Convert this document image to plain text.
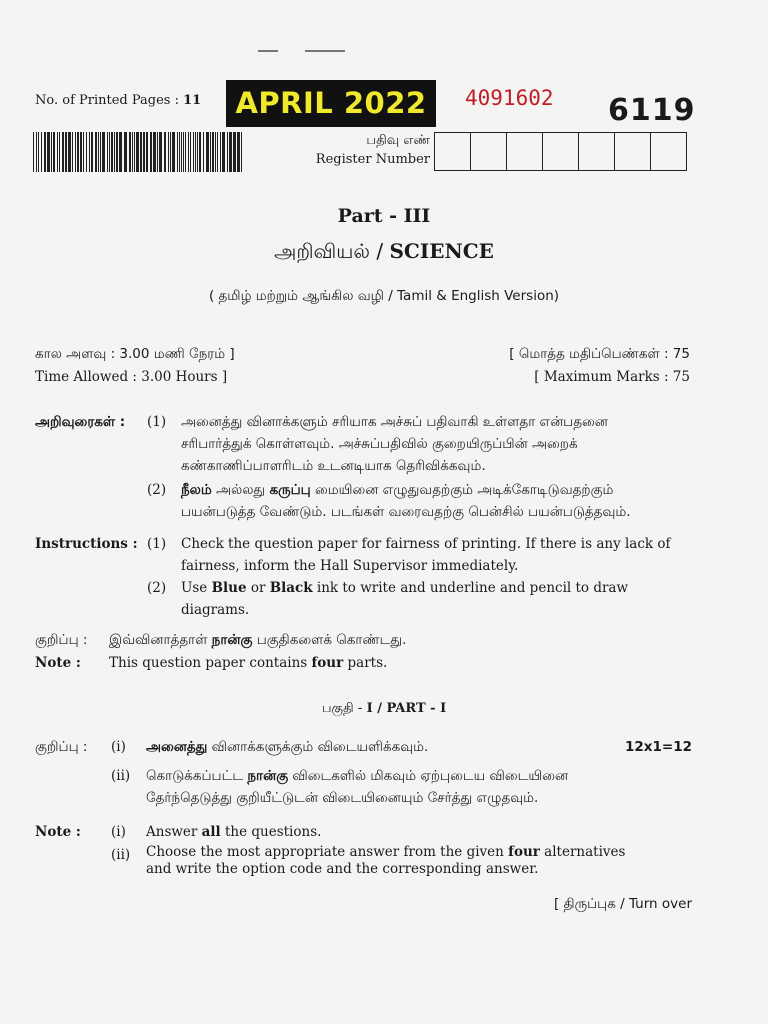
No. of Printed Pages : 11	APRIL 2022	4091602 6119
பதிவு எண்
Register Number
Part - III
அறிவியல் / SCIENCE
( தமிழ் மற்றும் ஆங்கில வழி / Tamil & English Version)
கால அளவு : 3.00 மணி நேரம் ]
Time Allowed : 3.00 Hours ]
[ மொத்த மதிப்பெண்கள் : 75
[ Maximum Marks : 75
அறிவுரைகள் : (1) அனைத்து வினாக்களும் சரியாக அச்சுப் பதிவாகி உள்ளதா என்பதனை
சரிபார்த்துக் கொள்ளவும். அச்சுப்பதிவில் குறையிருப்பின் அறைக்
கண்காணிப்பாளரிடம் உடனடியாக தெரிவிக்கவும்.
(2) நீலம் அல்லது கருப்பு மையினை எழுதுவதற்கும் அடிக்கோடிடுவதற்கும்
பயன்படுத்த வேண்டும். படங்கள் வரைவதற்கு பென்சில் பயன்படுத்தவும்.
Instructions : (1) Check the question paper for fairness of printing. If there is any lack of
fairness, inform the Hall Supervisor immediately.
(2) Use Blue or Black ink to write and underline and pencil to draw
diagrams.
குறிப்பு : இவ்வினாத்தாள் நான்கு பகுதிகளைக் கொண்டது.
Note : This question paper contains four parts.
பகுதி - I / PART - I
குறிப்பு : (i) அனைத்து வினாக்களுக்கும் விடையளிக்கவும்.	12x1=12
(ii) கொடுக்கப்பட்ட நான்கு விடைகளில் மிகவும் ஏற்புடைய விடையினை
தேர்ந்தெடுத்து குறியீட்டுடன் விடையினையும் சேர்த்து எழுதவும்.
Note : (i) Answer all the questions.
(ii) Choose the most appropriate answer from the given four alternatives
and write the option code and the corresponding answer.
[ திருப்புக / Turn over
